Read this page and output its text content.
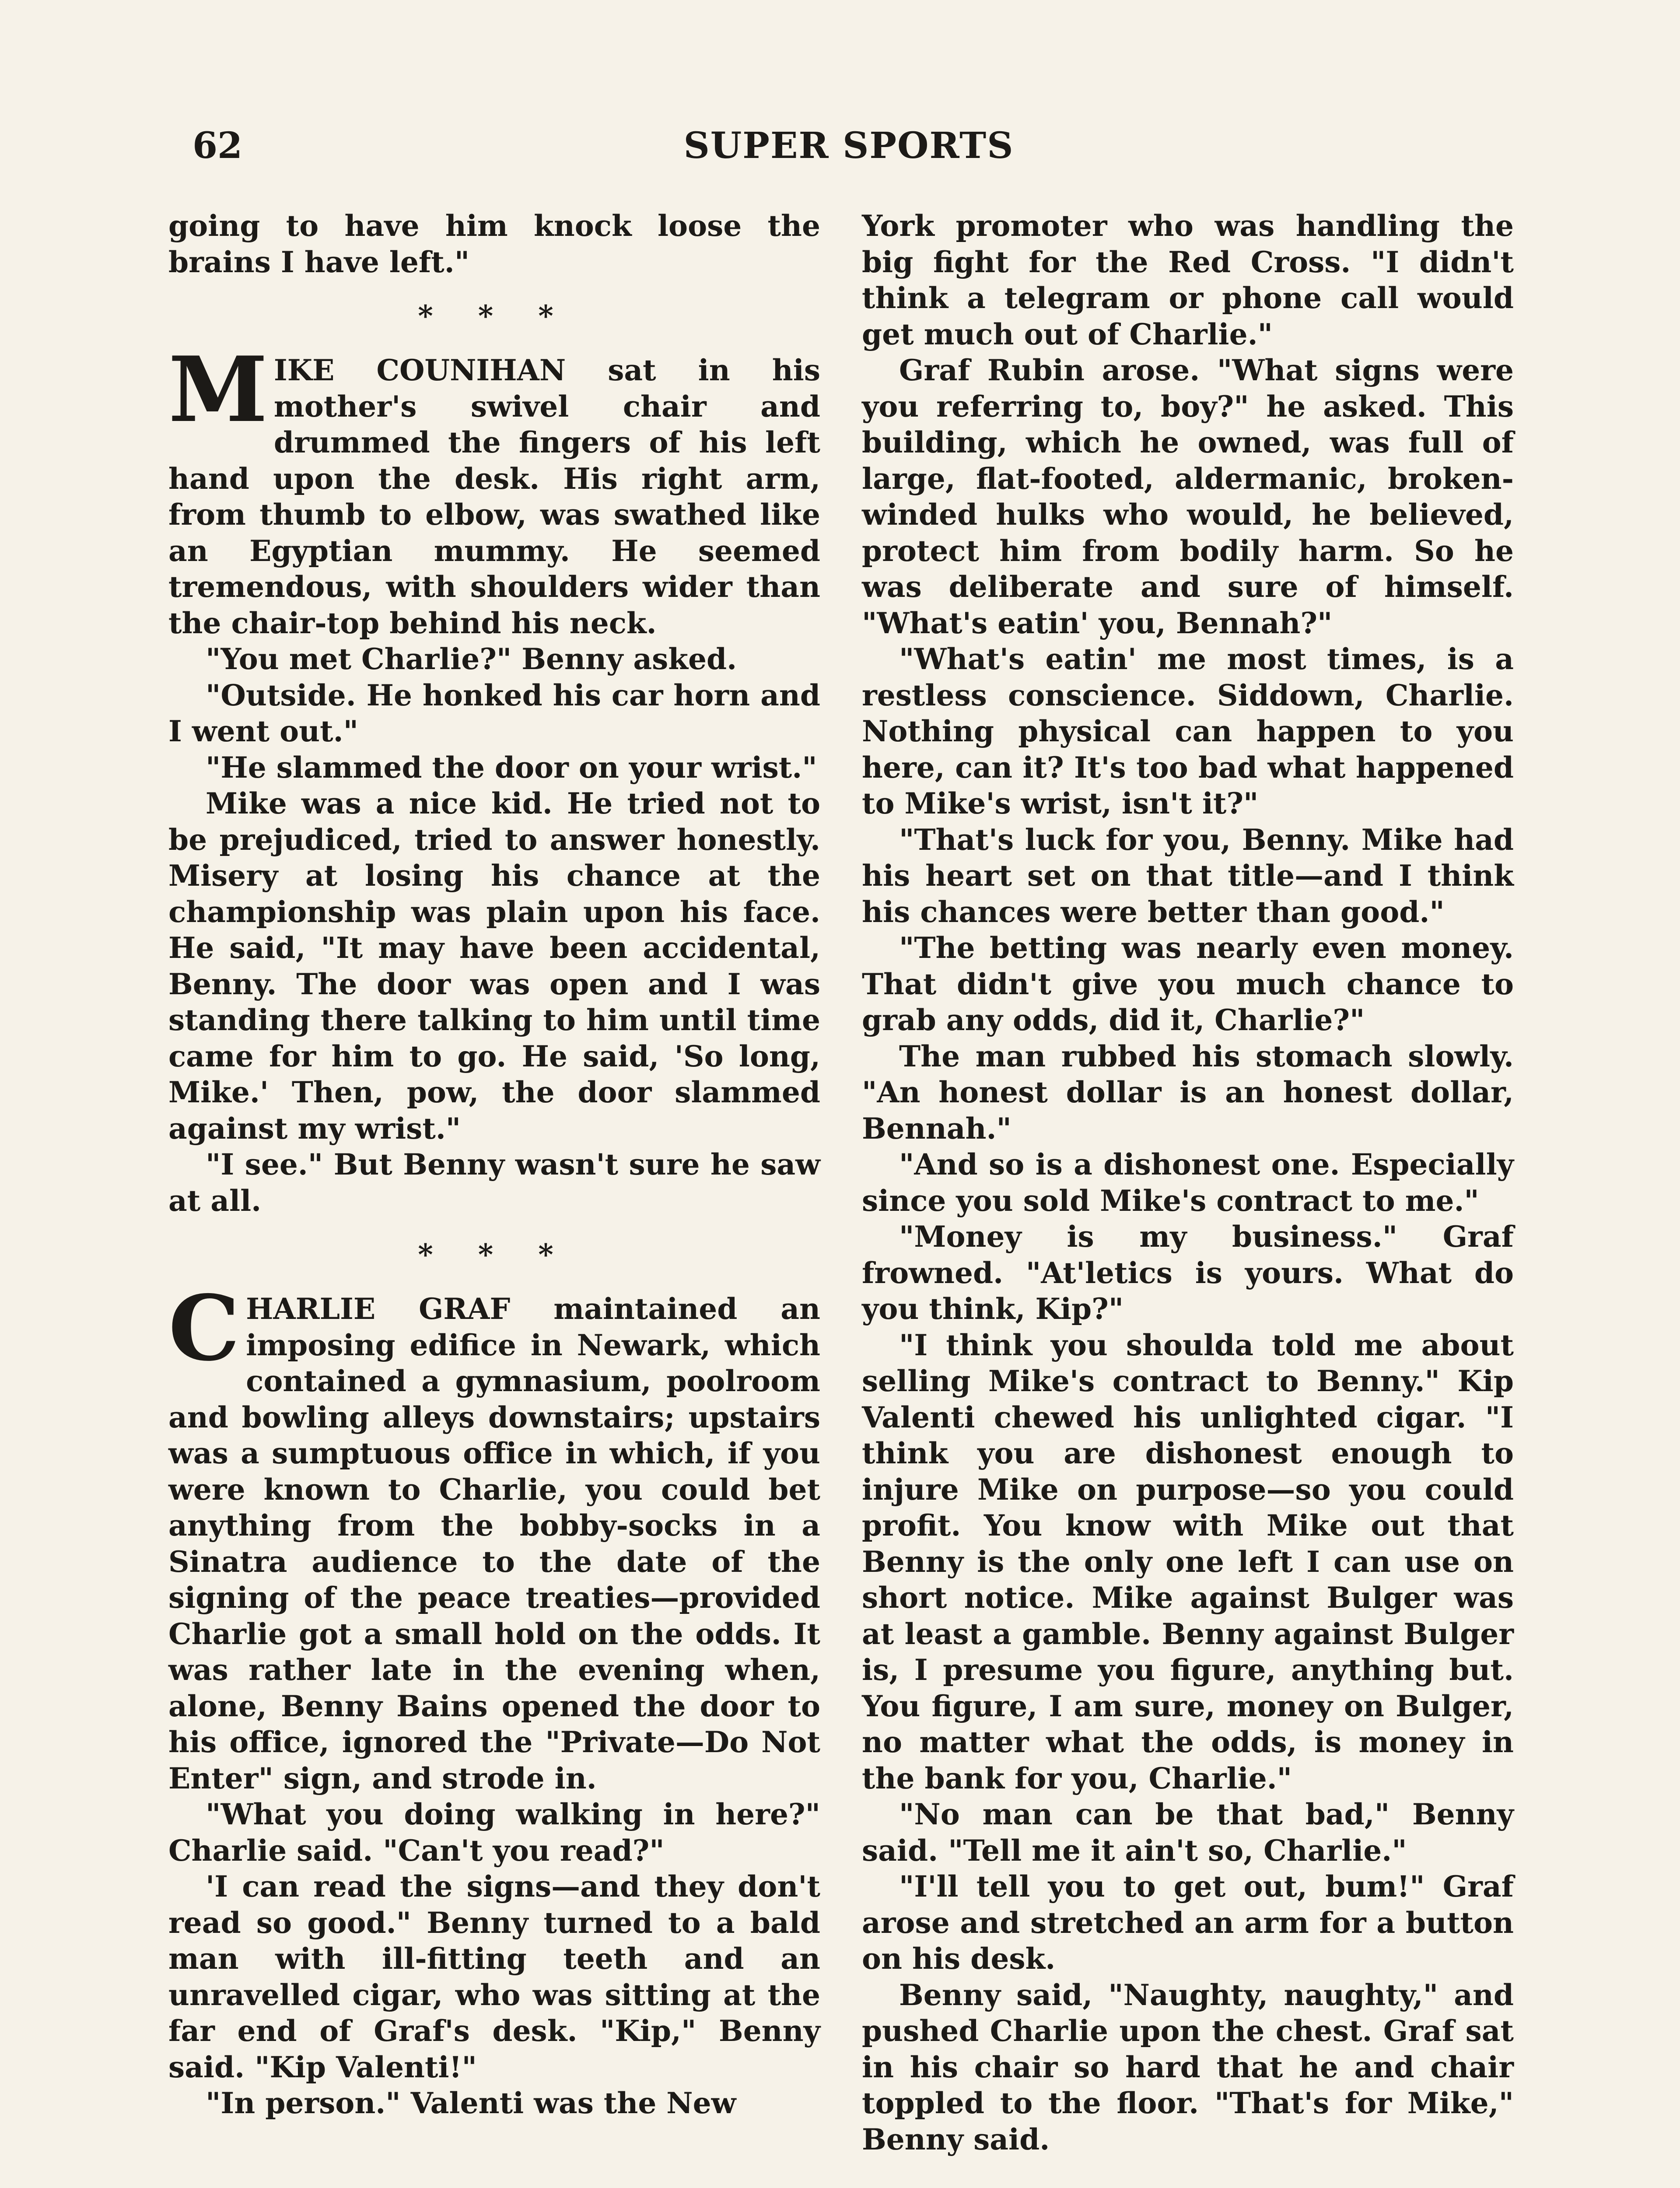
62	SUPER SPORTS

going to have him knock loose the brains I have left."

* * *

MIKE COUNIHAN sat in his mother's swivel chair and drummed the fingers of his left hand upon the desk. His right arm, from thumb to elbow, was swathed like an Egyptian mummy. He seemed tremendous, with shoulders wider than the chair-top behind his neck.

"You met Charlie?" Benny asked.

"Outside. He honked his car horn and I went out."

"He slammed the door on your wrist."

Mike was a nice kid. He tried not to be prejudiced, tried to answer honestly. Misery at losing his chance at the championship was plain upon his face. He said, "It may have been accidental, Benny. The door was open and I was standing there talking to him until time came for him to go. He said, 'So long, Mike.' Then, pow, the door slammed against my wrist."

"I see." But Benny wasn't sure he saw at all.

* * *

CHARLIE GRAF maintained an imposing edifice in Newark, which contained a gymnasium, poolroom and bowling alleys downstairs; upstairs was a sumptuous office in which, if you were known to Charlie, you could bet anything from the bobby-socks in a Sinatra audience to the date of the signing of the peace treaties—provided Charlie got a small hold on the odds. It was rather late in the evening when, alone, Benny Bains opened the door to his office, ignored the "Private—Do Not Enter" sign, and strode in.

"What you doing walking in here?" Charlie said. "Can't you read?"

'I can read the signs—and they don't read so good." Benny turned to a bald man with ill-fitting teeth and an unravelled cigar, who was sitting at the far end of Graf's desk. "Kip," Benny said. "Kip Valenti!"

"In person." Valenti was the New

York promoter who was handling the big fight for the Red Cross. "I didn't think a telegram or phone call would get much out of Charlie."

Graf Rubin arose. "What signs were you referring to, boy?" he asked. This building, which he owned, was full of large, flat-footed, aldermanic, broken-winded hulks who would, he believed, protect him from bodily harm. So he was deliberate and sure of himself. "What's eatin' you, Bennah?"

"What's eatin' me most times, is a restless conscience. Siddown, Charlie. Nothing physical can happen to you here, can it? It's too bad what happened to Mike's wrist, isn't it?"

"That's luck for you, Benny. Mike had his heart set on that title—and I think his chances were better than good."

"The betting was nearly even money. That didn't give you much chance to grab any odds, did it, Charlie?"

The man rubbed his stomach slowly. "An honest dollar is an honest dollar, Bennah."

"And so is a dishonest one. Especially since you sold Mike's contract to me."

"Money is my business." Graf frowned. "At'letics is yours. What do you think, Kip?"

"I think you shoulda told me about selling Mike's contract to Benny." Kip Valenti chewed his unlighted cigar. "I think you are dishonest enough to injure Mike on purpose—so you could profit. You know with Mike out that Benny is the only one left I can use on short notice. Mike against Bulger was at least a gamble. Benny against Bulger is, I presume you figure, anything but. You figure, I am sure, money on Bulger, no matter what the odds, is money in the bank for you, Charlie."

"No man can be that bad," Benny said. "Tell me it ain't so, Charlie."

"I'll tell you to get out, bum!" Graf arose and stretched an arm for a button on his desk.

Benny said, "Naughty, naughty," and pushed Charlie upon the chest. Graf sat in his chair so hard that he and chair toppled to the floor. "That's for Mike," Benny said.
